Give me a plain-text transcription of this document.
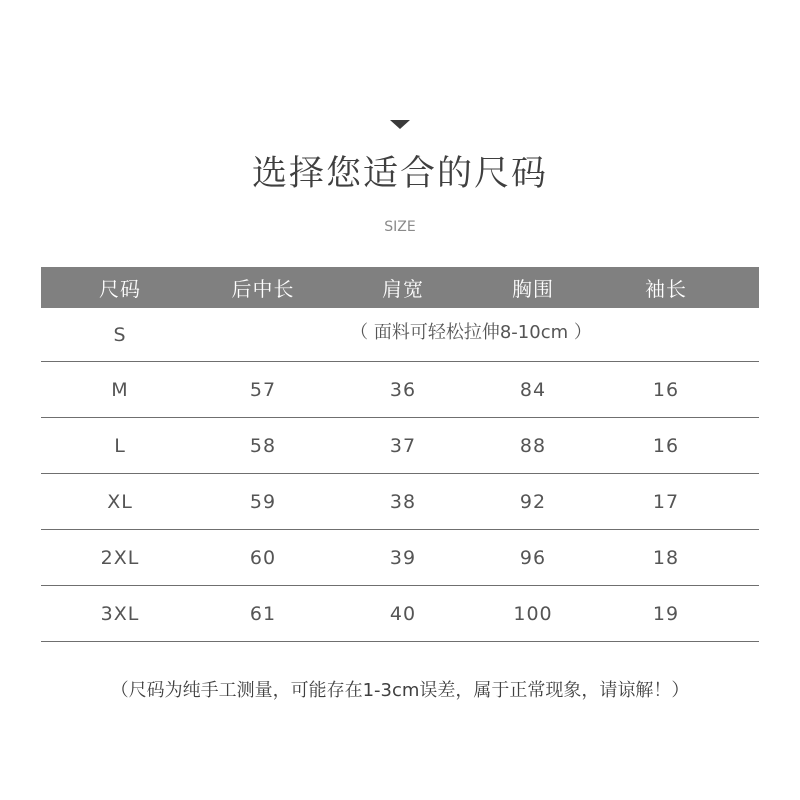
选择您适合的尺码
SIZE
尺码	后中长	肩宽	胸围	袖长
S	（ 面料可轻松拉伸8-10cm ）
M	57	36	84	16
L	58	37	88	16
XL	59	38	92	17
2XL	60	39	96	18
3XL	61	40	100	19
（尺码为纯手工测量，可能存在1-3cm误差，属于正常现象，请谅解！）
